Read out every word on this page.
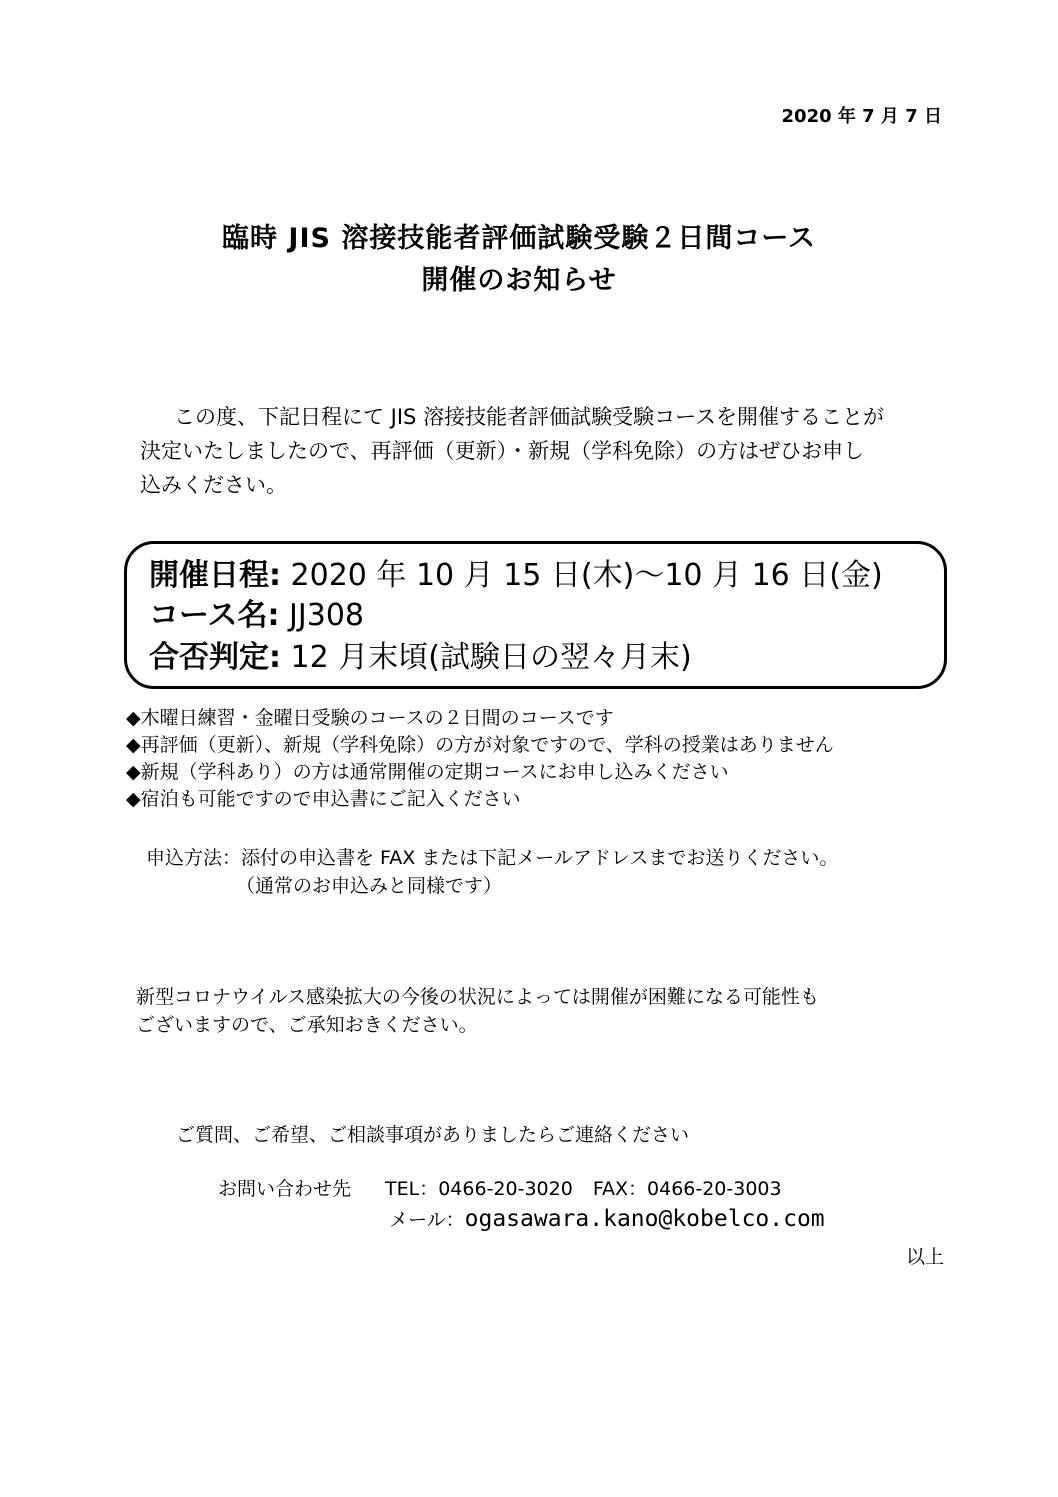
2020 年 7 月 7 日
臨時 JIS 溶接技能者評価試験受験２日間コース
開催のお知らせ

この度、下記日程にて JIS 溶接技能者評価試験受験コースを開催することが

決定いたしましたので、再評価（更新）・新規（学科免除）の方はぜひお申し

込みください。

開催日程: 2020 年 10 月 15 日(木)～10 月 16 日(金)
コース名: JJ308
合否判定: 12 月末頃(試験日の翌々月末)
◆木曜日練習・金曜日受験のコースの２日間のコースです
◆再評価（更新）、新規（学科免除）の方が対象ですので、学科の授業はありません
◆新規（学科あり）の方は通常開催の定期コースにお申し込みください
◆宿泊も可能ですので申込書にご記入ください
申込方法：添付の申込書を FAX または下記メールアドレスまでお送りください。
（通常のお申込みと同様です）
新型コロナウイルス感染拡大の今後の状況によっては開催が困難になる可能性も
ございますので、ご承知おきください。
ご質問、ご希望、ご相談事項がありましたらご連絡ください
お問い合わせ先 TEL：0466-20-3020 FAX：0466-20-3003
メール：ogasawara.kano@kobelco.com
以上
